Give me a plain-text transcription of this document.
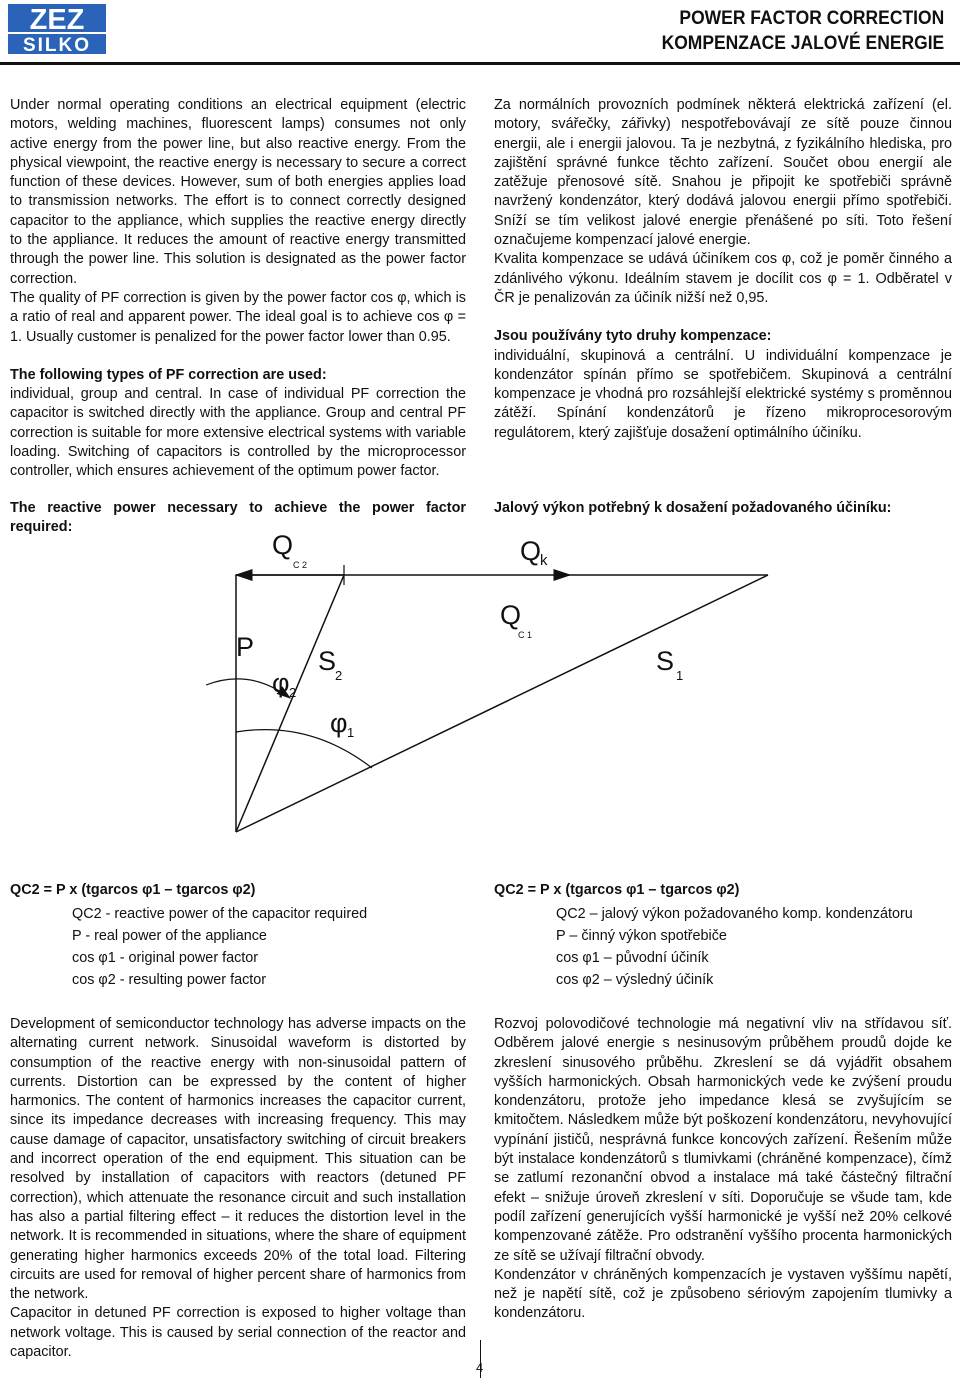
ZEZ
SILKO
POWER FACTOR CORRECTION
KOMPENZACE JALOVÉ ENERGIE

Under normal operating conditions an electrical equipment (electric motors, welding machines, fluorescent lamps) consumes not only active energy from the power line, but also reactive energy. From the physical viewpoint, the reactive energy is necessary to secure a correct function of these devices. However, sum of both energies applies load to transmission networks. The effort is to connect correctly designed capacitor to the appliance, which supplies the reactive energy directly to the appliance. It reduces the amount of reactive energy transmitted through the power line. This solution is designated as the power factor correction.

The quality of PF correction is given by the power factor cos φ, which is a ratio of real and apparent power. The ideal goal is to achieve cos φ = 1. Usually customer is penalized for the power factor lower than 0.95.

The following types of PF correction are used:

individual, group and central. In case of individual PF correction the capacitor is switched directly with the appliance. Group and central PF correction is suitable for more extensive electrical systems with variable loading. Switching of capacitors is controlled by the microprocessor controller, which ensures achievement of the optimum power factor.

The reactive power necessary to achieve the power factor required:

Za normálních provozních podmínek některá elektrická zařízení (el. motory, svářečky, zářivky) nespotřebovávají ze sítě pouze činnou energii, ale i energii jalovou. Ta je nezbytná, z fyzikálního hlediska, pro zajištění správné funkce těchto zařízení. Součet obou energií ale zatěžuje přenosové sítě. Snahou je připojit ke spotřebiči správně navržený kondenzátor, který dodává jalovou energii přímo spotřebiči. Sníží se tím velikost jalové energie přenášené po síti. Toto řešení označujeme kompenzací jalové energie.

Kvalita kompenzace se udává účiníkem cos φ, což je poměr činného a zdánlivého výkonu. Ideálním stavem je docílit cos φ = 1. Odběratel v ČR je penalizován za účiník nižší než 0,95.

Jsou používány tyto druhy kompenzace:

individuální, skupinová a centrální. U individuální kompenzace je kondenzátor spínán přímo se spotřebičem. Skupinová a centrální kompenzace je vhodná pro rozsáhlejší elektrické systémy s proměnnou zátěží. Spínání kondenzátorů je řízeno mikroprocesorovým regulátorem, který zajišťuje dosažení optimálního účiníku.

Jalový výkon potřebný k dosažení požadovaného účiníku:
Q
C 2	Q
k
Q
C 1
P S
2	S 1
φ 2
φ 1
QC2 = P x (tgarcos φ1 – tgarcos φ2)
QC2 - reactive power of the capacitor required
P - real power of the appliance
cos φ1 - original power factor
cos φ2 - resulting power factor
QC2 = P x (tgarcos φ1 – tgarcos φ2)
QC2 – jalový výkon požadovaného komp. kondenzátoru
P – činný výkon spotřebiče
cos φ1 – původní účiník
cos φ2 – výsledný účiník

Development of semiconductor technology has adverse impacts on the alternating current network. Sinusoidal waveform is distorted by consumption of the reactive energy with non-sinusoidal pattern of currents. Distortion can be expressed by the content of higher harmonics. The content of harmonics increases the capacitor current, since its impedance decreases with increasing frequency. This may cause damage of capacitor, unsatisfactory switching of circuit breakers and incorrect operation of the end equipment. This situation can be resolved by installation of capacitors with reactors (detuned PF correction), which attenuate the resonance circuit and such installation has also a partial filtering effect – it reduces the distortion level in the network. It is recommended in situations, where the share of equipment generating higher harmonics exceeds 20% of the total load. Filtering circuits are used for removal of higher percent share of harmonics from the network.

Capacitor in detuned PF correction is exposed to higher voltage than network voltage. This is caused by serial connection of the reactor and capacitor.

Rozvoj polovodičové technologie má negativní vliv na střídavou síť. Odběrem jalové energie s nesinusovým průběhem proudů dojde ke zkreslení sinusového průběhu. Zkreslení se dá vyjádřit obsahem vyšších harmonických. Obsah harmonických vede ke zvýšení proudu kondenzátoru, protože jeho impedance klesá se zvyšujícím se kmitočtem. Následkem může být poškození kondenzátoru, nevyhovující vypínání jističů, nesprávná funkce koncových zařízení. Řešením může být instalace kondenzátorů s tlumivkami (chráněné kompenzace), čímž se zatlumí rezonanční obvod a instalace má také částečný filtrační efekt – snižuje úroveň zkreslení v síti. Doporučuje se všude tam, kde podíl zařízení generujících vyšší harmonické je vyšší než 20% celkové kompenzované zátěže. Pro odstranění vyššího procenta harmonických ze sítě se užívají filtrační obvody.

Kondenzátor v chráněných kompenzacích je vystaven vyššímu napětí, než je napětí sítě, což je způsobeno sériovým zapojením tlumivky a kondenzátoru.

4
